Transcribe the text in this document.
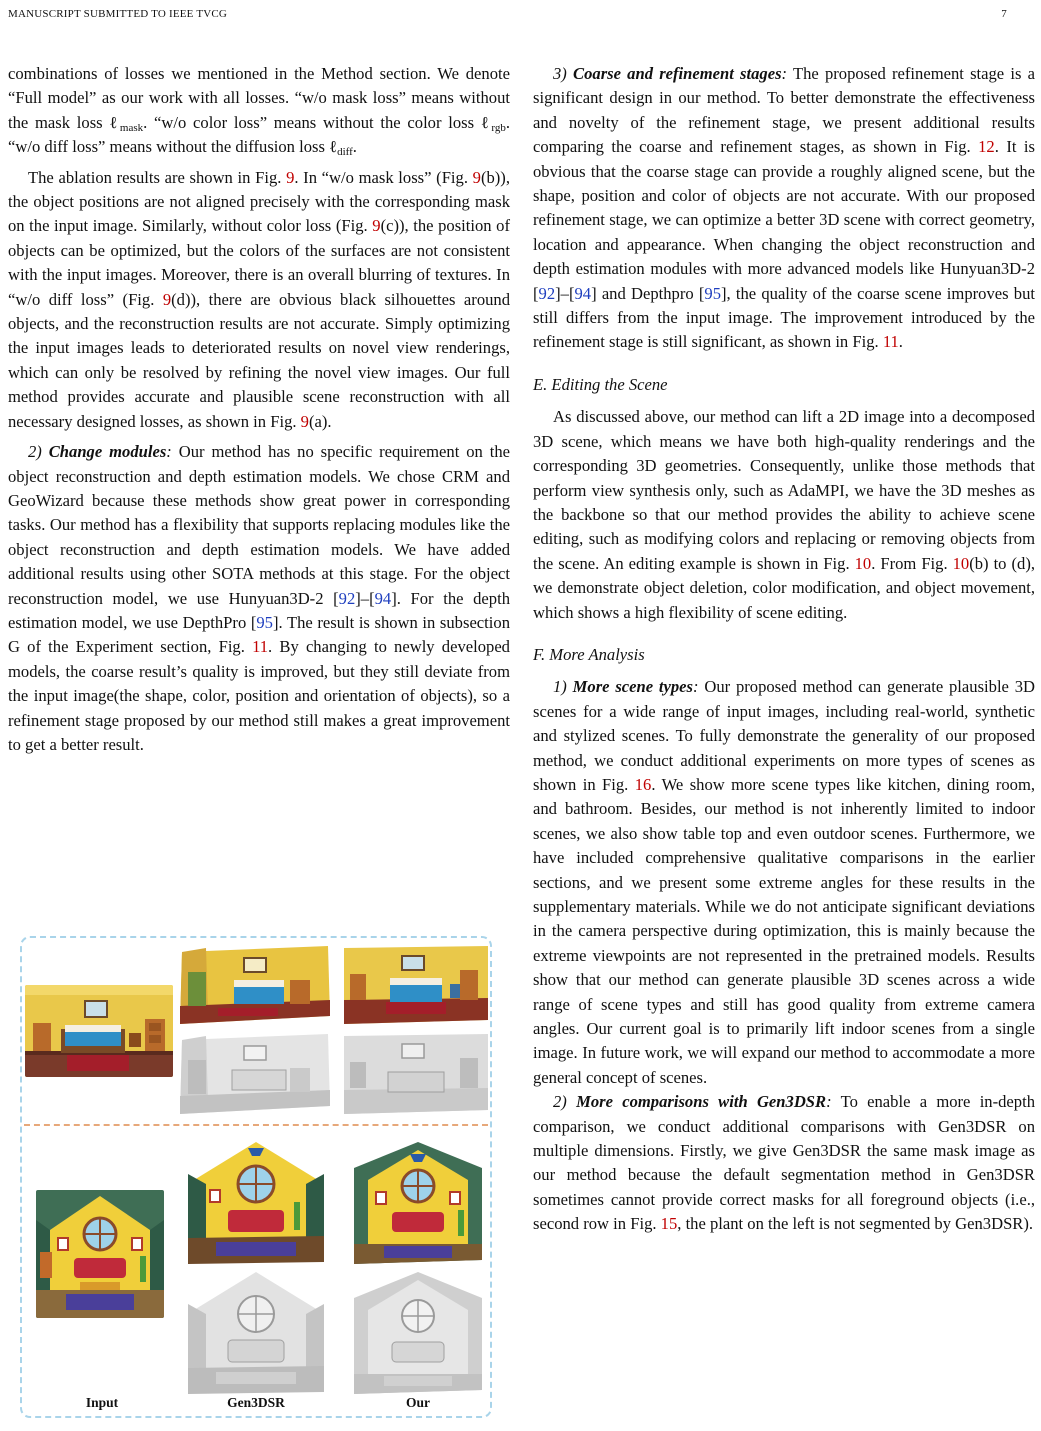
MANUSCRIPT SUBMITTED TO IEEE TVCG	7

combinations of losses we mentioned in the Method section. We denote “Full model” as our work with all losses. “w/o mask loss” means without the mask loss ℓ$_{mask}$. “w/o color loss” means without the color loss ℓ$_{rgb}$. “w/o diff loss” means without the diffusion loss ℓ$_{diff}$.

The ablation results are shown in Fig. 9. In “w/o mask loss” (Fig. 9(b)), the object positions are not aligned precisely with the corresponding mask on the input image. Similarly, without color loss (Fig. 9(c)), the position of objects can be optimized, but the colors of the surfaces are not consistent with the input images. Moreover, there is an overall blurring of textures. In “w/o diff loss” (Fig. 9(d)), there are obvious black silhouettes around objects, and the reconstruction results are not accurate. Simply optimizing the input images leads to deteriorated results on novel view renderings, which can only be resolved by refining the novel view images. Our full method provides accurate and plausible scene reconstruction with all necessary designed losses, as shown in Fig. 9(a).

2) Change modules: Our method has no specific requirement on the object reconstruction and depth estimation models. We chose CRM and GeoWizard because these methods show great power in corresponding tasks. Our method has a flexibility that supports replacing modules like the object reconstruction and depth estimation models. We have added additional results using other SOTA methods at this stage. For the object reconstruction model, we use Hunyuan3D-2 [92]–[94]. For the depth estimation model, we use DepthPro [95]. The result is shown in subsection G of the Experiment section, Fig. 11. By changing to newly developed models, the coarse result’s quality is improved, but they still deviate from the input image(the shape, color, position and orientation of objects), so a refinement stage proposed by our method still makes a great improvement to get a better result.

Input	Gen3DSR	Our

3) Coarse and refinement stages: The proposed refinement stage is a significant design in our method. To better demonstrate the effectiveness and novelty of the refinement stage, we present additional results comparing the coarse and refinement stages, as shown in Fig. 12. It is obvious that the coarse stage can provide a roughly aligned scene, but the shape, position and color of objects are not accurate. With our proposed refinement stage, we can optimize a better 3D scene with correct geometry, location and appearance. When changing the object reconstruction and depth estimation modules with more advanced models like Hunyuan3D-2 [92]–[94] and Depthpro [95], the quality of the coarse scene improves but still differs from the input image. The improvement introduced by the refinement stage is still significant, as shown in Fig. 11.

E. Editing the Scene

As discussed above, our method can lift a 2D image into a decomposed 3D scene, which means we have both high-quality renderings and the corresponding 3D geometries. Consequently, unlike those methods that perform view synthesis only, such as AdaMPI, we have the 3D meshes as the backbone so that our method provides the ability to achieve scene editing, such as modifying colors and replacing or removing objects from the scene. An editing example is shown in Fig. 10. From Fig. 10(b) to (d), we demonstrate object deletion, color modification, and object movement, which shows a high flexibility of scene editing.

F. More Analysis

1) More scene types: Our proposed method can generate plausible 3D scenes for a wide range of input images, including real-world, synthetic and stylized scenes. To fully demonstrate the generality of our proposed method, we conduct additional experiments on more types of scenes as shown in Fig. 16. We show more scene types like kitchen, dining room, and bathroom. Besides, our method is not inherently limited to indoor scenes, we also show table top and even outdoor scenes. Furthermore, we have included comprehensive qualitative comparisons in the earlier sections, and we present some extreme angles for these results in the supplementary materials. While we do not anticipate significant deviations in the camera perspective during optimization, this is mainly because the extreme viewpoints are not represented in the pretrained models. Results show that our method can generate plausible 3D scenes across a wide range of scene types and still has good quality from extreme camera angles. Our current goal is to primarily lift indoor scenes from a single image. In future work, we will expand our method to accommodate a more general concept of scenes.

2) More comparisons with Gen3DSR: To enable a more in-depth comparison, we conduct additional comparisons with Gen3DSR on multiple dimensions. Firstly, we give Gen3DSR the same mask image as our method because the default segmentation method in Gen3DSR sometimes cannot provide correct masks for all foreground objects (i.e., second row in Fig. 15, the plant on the left is not segmented by Gen3DSR).
